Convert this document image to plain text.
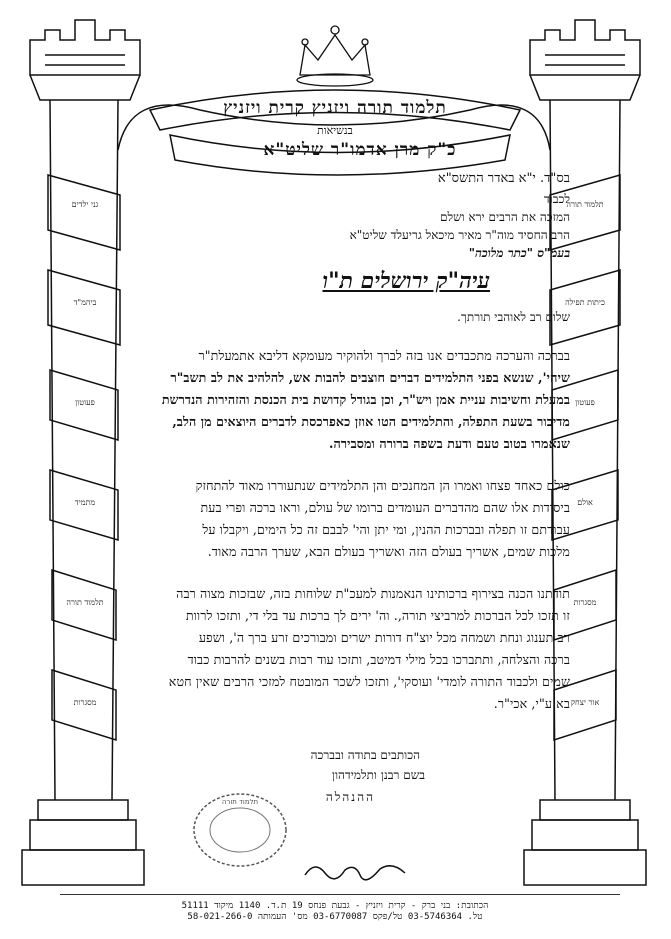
תלמוד תורה ויזניץ קרית ויזניץ
בנשיאות
כ"ק מרן אדמו"ר שליט"א
תלמוד תורה
כיתות תפילה
פעוטון
אולם
מסגרות
אור יצחק
גני ילדים
ביהמ"ד
פעוטון
מתמיד
תלמוד תורה
מסגרות
בס"ד. י"א באדר התשס"א
לכבוד
המזכה את הרבים ירא ושלם
הרב החסיד מוה"ר מאיר מיכאל גריעלד שליט"א
בעמ"ס "כתר מלוכה"
עיה"ק ירושלים ת"ו
שלום רב לאוהבי תורתך.
בברכה והערכה מתכבדים אנו בזה לברך ולהוקיר מעומקא דליבא אתמעלת"ר
שיחי', שנשא בפני התלמידים דברים חוצבים להבות אש, להלהיב את לב תשב"ר
במעלת וחשיבות עניית אמן ויש"ר, וכן בגודל קדושת בית הכנסת והזהירות הנדרשת
מדיבור בשעת התפלה, והתלמידים הטו אוזן כאפרכסת לדברים היוצאים מן הלב,
שנאמרו בטוב טעם ודעת בשפה ברורה ומסבירה.
כולם כאחד פצחו ואמרו הן המחנכים והן התלמידים שנתעוררו מאוד להתחזק
ביסודות אלו שהם מהדברים העומדים ברומו של עולם, וראו ברכה ופרי בעת
עבודתם זו תפלה ובברכות ההנין, ומי יתן והי' לבבם זה כל הימים, ויקבלו על
מלכות שמים, אשריך בעולם הזה ואשריך בעולם הבא, שערך הרבה מאוד.
תודתנו הכנה בצירוף ברכותינו הנאמנות למעכ"ת שלוחות בזה, שבזכות מצוה רבה
זו תזכו לכל הברכות למרביצי תורה,. וה' ירים לך ברכות עד בלי די, ותזכו לרוות
רב תענוג ונחת ושמחה מכל יוצ"ח דורות ישרים ומבורכים זרע ברך ה', ושפע
ברכה והצלחה, ותתברכו בכל מילי דמיטב, ותזכו עוד רבות בשנים להרבות כבוד
שמים ולכבוד התורה לומדי' ועוסקי', ותזכו לשכר המובטח למזכי הרבים שאין חטא
בא ע"י, אכי"ר.
הכותבים בתודה ובברכה
בשם רבנן ותלמידהון
ההנהלה
תלמוד תורה
הכתובת: בני ברק - קרית ויזניץ - גבעת פנחס 19 ת.ד. 1140 מיקוד 51111
טל. 03-5746364 טל/פקס 03-6770087 מס' העמותה 58-021-266-0
